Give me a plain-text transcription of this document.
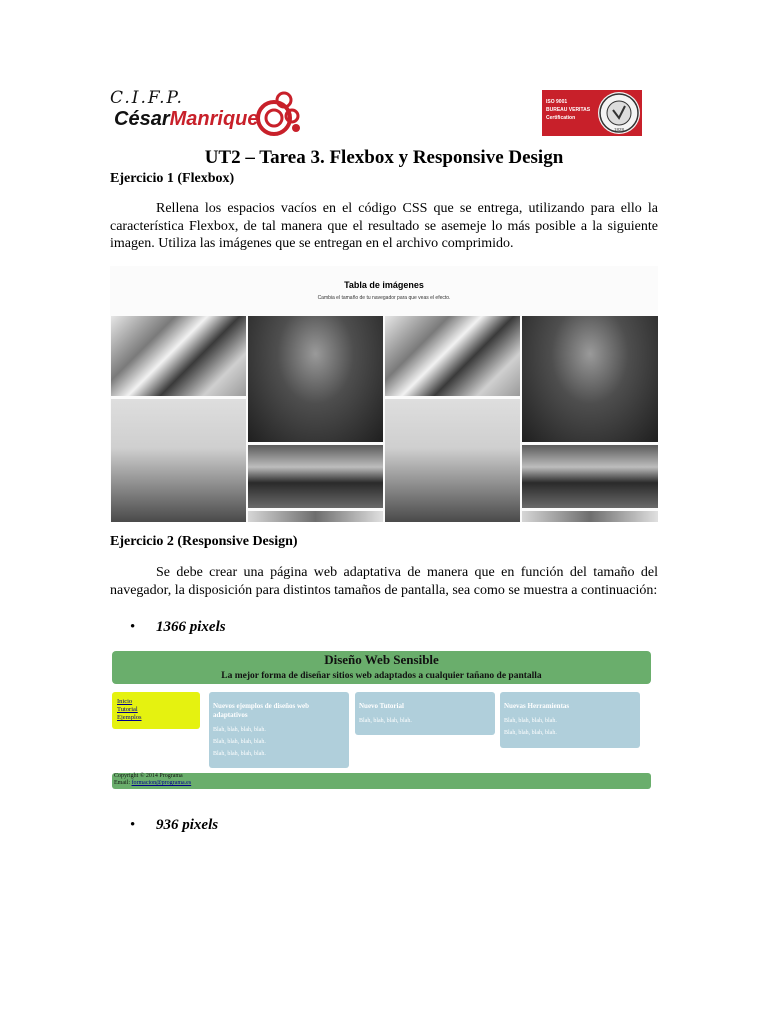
C.I.F.P.
CésarManrique
ISO 9001
BUREAU VERITAS
Certification
1828
UT2 – Tarea 3. Flexbox y Responsive Design
Ejercicio 1 (Flexbox)
Rellena los espacios vacíos en el código CSS que se entrega, utilizando para ello la característica Flexbox, de tal manera que el resultado se asemeje lo más posible a la siguiente imagen. Utiliza las imágenes que se entregan en el archivo comprimido.
Tabla de imágenes
Cambia el tamaño de tu navegador para que veas el efecto.
Ejercicio 2 (Responsive Design)
Se debe crear una página web adaptativa de manera que en función del tamaño del navegador, la disposición para distintos tamaños de pantalla, sea como se muestra a continuación:
• 1366 pixels
Diseño Web Sensible
La mejor forma de diseñar sitios web adaptados a cualquier tañano de pantalla
Inicio
Tutorial
Ejemplos
Nuevos ejemplos de diseños web adaptativos
Blah, blah, blah, blah.
Blah, blah, blah, blah.
Blah, blah, blah, blah.
Nuevo Tutorial
Blah, blah, blah, blah.
Nuevas Herramientas
Blah, blah, blah, blah.
Blah, blah, blah, blah.
Copyright © 2014 Programa
Email: formacion@programa.es
• 936 pixels
